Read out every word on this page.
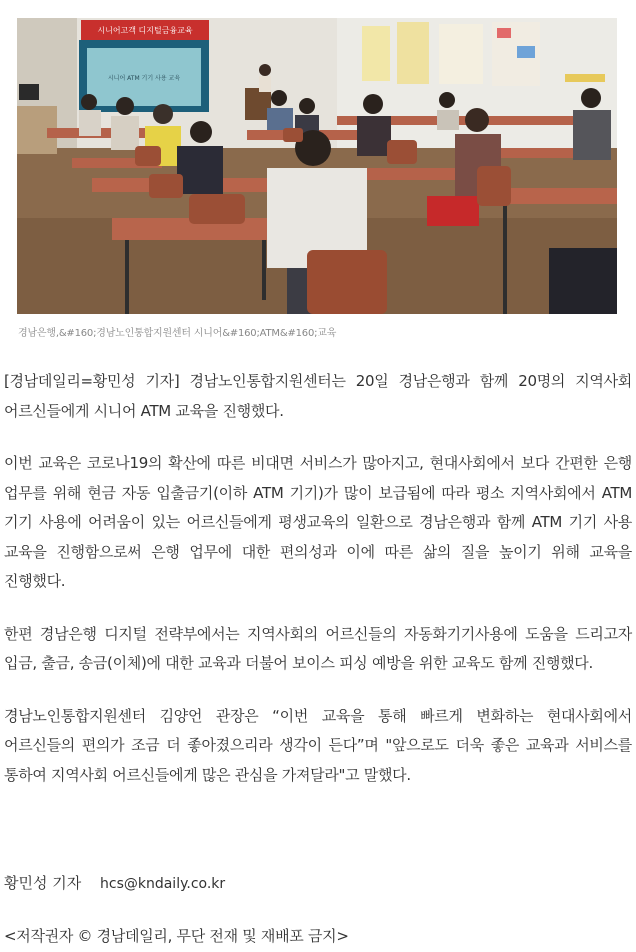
시니어고객 디지털금융교육
시니어 ATM 기기 사용 교육
경남은행,&#160;경남노인통합지원센터 시니어&#160;ATM&#160;교육

[경남데일리=황민성 기자] 경남노인통합지원센터는 20일 경남은행과 함께 20명의 지역사회 어르신들에게 시니어 ATM 교육을 진행했다.

이번 교육은 코로나19의 확산에 따른 비대면 서비스가 많아지고, 현대사회에서 보다 간편한 은행 업무를 위해 현금 자동 입출금기(이하 ATM 기기)가 많이 보급됨에 따라 평소 지역사회에서 ATM 기기 사용에 어려움이 있는 어르신들에게 평생교육의 일환으로 경남은행과 함께 ATM 기기 사용 교육을 진행함으로써 은행 업무에 대한 편의성과 이에 따른 삶의 질을 높이기 위해 교육을 진행했다.

한편 경남은행 디지털 전략부에서는 지역사회의 어르신들의 자동화기기사용에 도움을 드리고자 입금, 출금, 송금(이체)에 대한 교육과 더불어 보이스 피싱 예방을 위한 교육도 함께 진행했다.

경남노인통합지원센터 김양언 관장은 “이번 교육을 통해 빠르게 변화하는 현대사회에서 어르신들의 편의가 조금 더 좋아졌으리라 생각이 든다”며 "앞으로도 더욱 좋은 교육과 서비스를 통하여 지역사회 어르신들에게 많은 관심을 가져달라"고 말했다.

황민성 기자 hcs@kndaily.co.kr
<저작권자 © 경남데일리, 무단 전재 및 재배포 금지>
